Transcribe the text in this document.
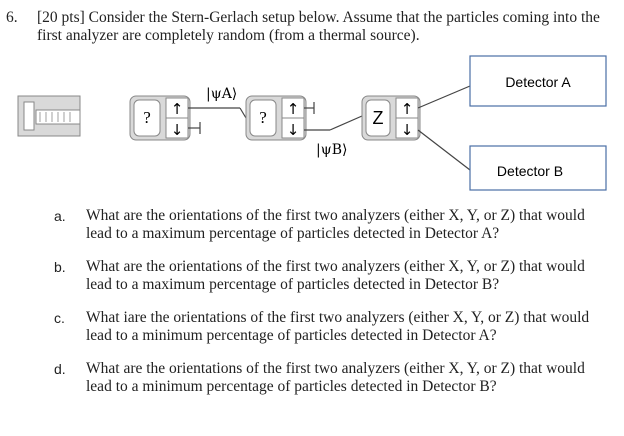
6. [20 pts] Consider the Stern-Gerlach setup below. Assume that the particles coming into the first analyzer are completely random (from a thermal source).
? ↑
↓
|ψA⟩
? ↑
↓
|ψB⟩
Z ↑
↓
Detector A
Detector B
a. What are the orientations of the first two analyzers (either X, Y, or Z) that would lead to a maximum percentage of particles detected in Detector A?
b. What are the orientations of the first two analyzers (either X, Y, or Z) that would lead to a maximum percentage of particles detected in Detector B?
c. What iare the orientations of the first two analyzers (either X, Y, or Z) that would lead to a minimum percentage of particles detected in Detector A?
d. What are the orientations of the first two analyzers (either X, Y, or Z) that would lead to a minimum percentage of particles detected in Detector B?
